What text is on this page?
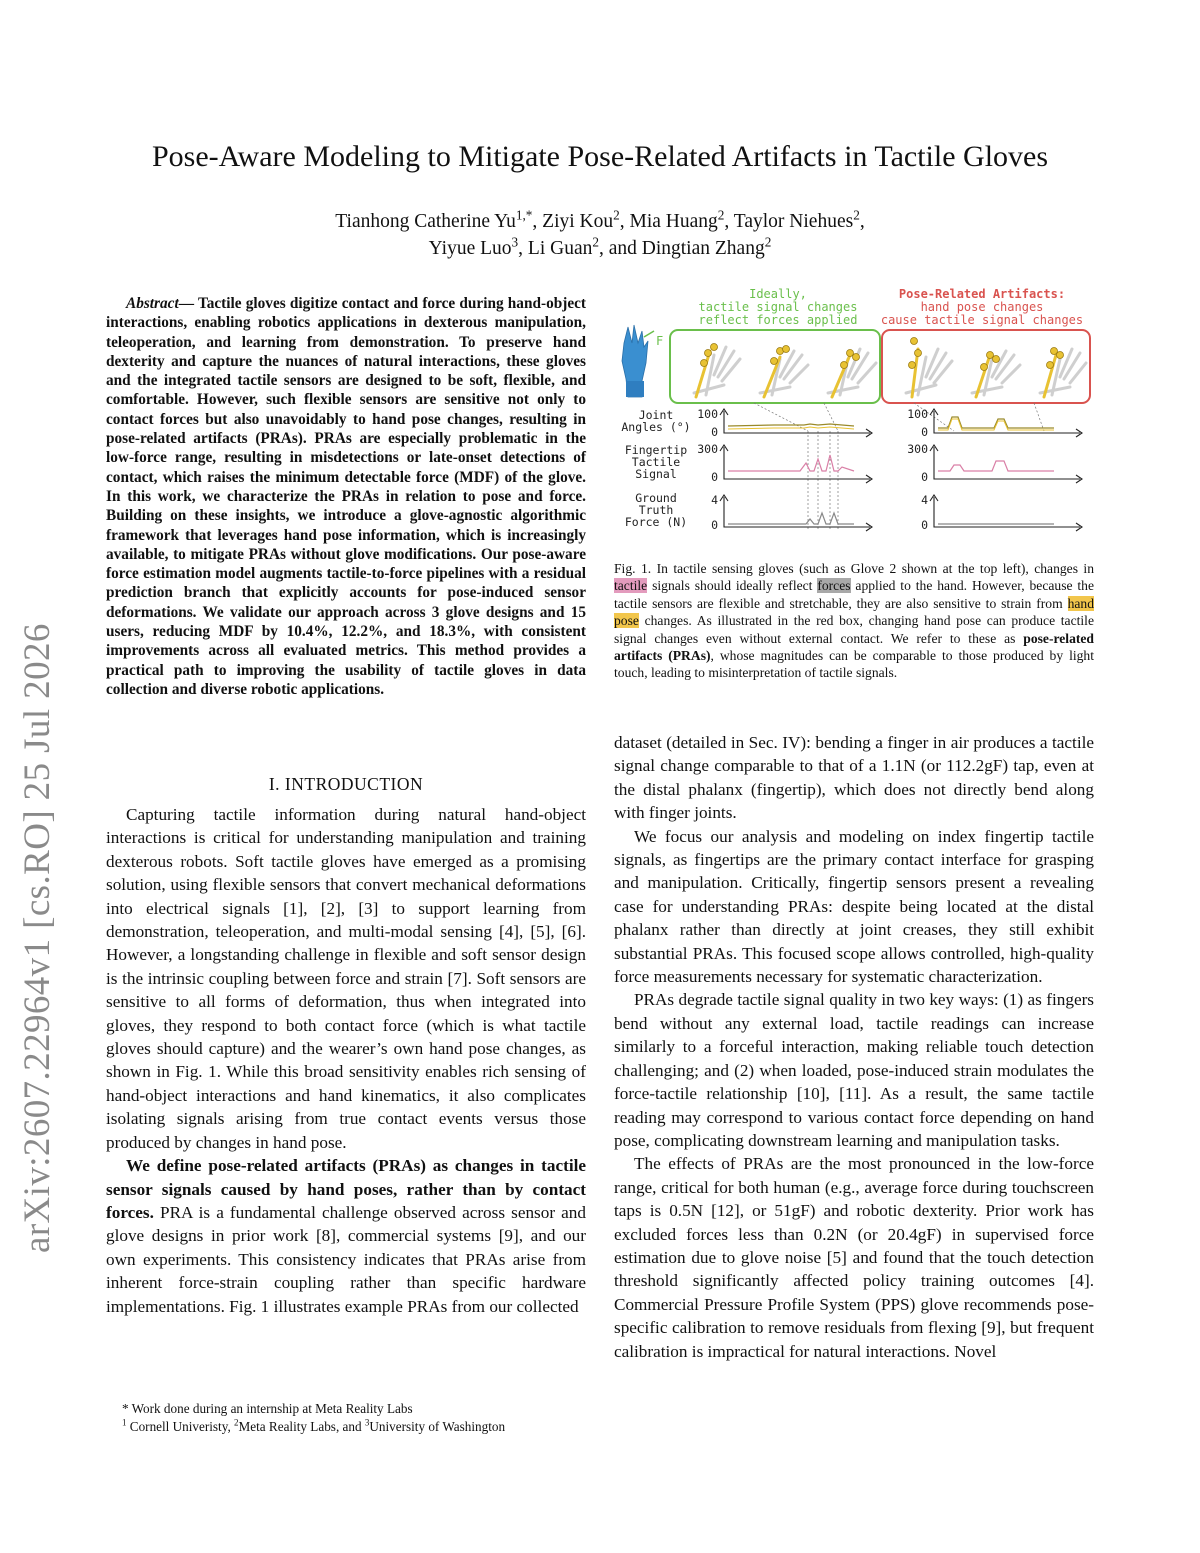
arXiv:2607.22964v1 [cs.RO] 25 Jul 2026
Pose-Aware Modeling to Mitigate Pose-Related Artifacts in Tactile Gloves
Tianhong Catherine $Yu^{1,*}$, Ziyi Kou$^2$, Mia Huang$^2$, Taylor Niehues$^2$,
Yiyue Luo$^3$, Li Guan$^2$, and Dingtian Zhang$^2$

Abstract— Tactile gloves digitize contact and force during hand-object interactions, enabling robotics applications in dexterous manipulation, teleoperation, and learning from demonstration. To preserve hand dexterity and capture the nuances of natural interactions, these gloves and the integrated tactile sensors are designed to be soft, flexible, and comfortable. However, such flexible sensors are sensitive not only to contact forces but also unavoidably to hand pose changes, resulting in pose-related artifacts (PRAs). PRAs are especially problematic in the low-force range, resulting in misdetections or late-onset detections of contact, which raises the minimum detectable force (MDF) of the glove. In this work, we characterize the PRAs in relation to pose and force. Building on these insights, we introduce a glove-agnostic algorithmic framework that leverages hand pose information, which is increasingly available, to mitigate PRAs without glove modifications. Our pose-aware force estimation model augments tactile-to-force pipelines with a residual prediction branch that explicitly accounts for pose-induced sensor deformations. We validate our approach across 3 glove designs and 15 users, reducing MDF by 10.4%, 12.2%, and 18.3%, with consistent improvements across all evaluated metrics. This method provides a practical path to improving the usability of tactile gloves in data collection and diverse robotic applications.

I. INTRODUCTION

Capturing tactile information during natural hand-object interactions is critical for understanding manipulation and training dexterous robots. Soft tactile gloves have emerged as a promising solution, using flexible sensors that convert mechanical deformations into electrical signals [1], [2], [3] to support learning from demonstration, teleoperation, and multi-modal sensing [4], [5], [6]. However, a longstanding challenge in flexible and soft sensor design is the intrinsic coupling between force and strain [7]. Soft sensors are sensitive to all forms of deformation, thus when integrated into gloves, they respond to both contact force (which is what tactile gloves should capture) and the wearer’s own hand pose changes, as shown in Fig. 1. While this broad sensitivity enables rich sensing of hand-object interactions and hand kinematics, it also complicates isolating signals arising from true contact events versus those produced by changes in hand pose.

We define pose-related artifacts (PRAs) as changes in tactile sensor signals caused by hand poses, rather than by contact forces. PRA is a fundamental challenge observed across sensor and glove designs in prior work [8], commercial systems [9], and our own experiments. This consistency indicates that PRAs arise from inherent force-strain coupling rather than specific hardware implementations. Fig. 1 illustrates example PRAs from our collected

* Work done during an internship at Meta Reality Labs
$^1$ Cornell Univeristy, $^2$Meta Reality Labs, and $^3$University of Washington
Ideally,
tactile signal changes
reflect forces applied
Pose-Related Artifacts:
hand pose changes
cause tactile signal changes
F
Joint
Angles (°)
Fingertip
Tactile
Signal
Ground
Truth
Force (N)
100
0
300
0
4
0
100
0
300
0
4
0
Fig. 1. In tactile sensing gloves (such as Glove 2 shown at the top left), changes in tactile signals should ideally reflect forces applied to the hand. However, because the tactile sensors are flexible and stretchable, they are also sensitive to strain from hand pose changes. As illustrated in the red box, changing hand pose can produce tactile signal changes even without external contact. We refer to these as pose-related artifacts (PRAs), whose magnitudes can be comparable to those produced by light touch, leading to misinterpretation of tactile signals.

dataset (detailed in Sec. IV): bending a finger in air produces a tactile signal change comparable to that of a 1.1N (or 112.2gF) tap, even at the distal phalanx (fingertip), which does not directly bend along with finger joints.

We focus our analysis and modeling on index fingertip tactile signals, as fingertips are the primary contact interface for grasping and manipulation. Critically, fingertip sensors present a revealing case for understanding PRAs: despite being located at the distal phalanx rather than directly at joint creases, they still exhibit substantial PRAs. This focused scope allows controlled, high-quality force measurements necessary for systematic characterization.

PRAs degrade tactile signal quality in two key ways: (1) as fingers bend without any external load, tactile readings can increase similarly to a forceful interaction, making reliable touch detection challenging; and (2) when loaded, pose-induced strain modulates the force-tactile relationship [10], [11]. As a result, the same tactile reading may correspond to various contact force depending on hand pose, complicating downstream learning and manipulation tasks.

The effects of PRAs are the most pronounced in the low-force range, critical for both human (e.g., average force during touchscreen taps is 0.5N [12], or 51gF) and robotic dexterity. Prior work has excluded forces less than 0.2N (or 20.4gF) in supervised force estimation due to glove noise [5] and found that the touch detection threshold significantly affected policy training outcomes [4]. Commercial Pressure Profile System (PPS) glove recommends pose-specific calibration to remove residuals from flexing [9], but frequent calibration is impractical for natural interactions. Novel
